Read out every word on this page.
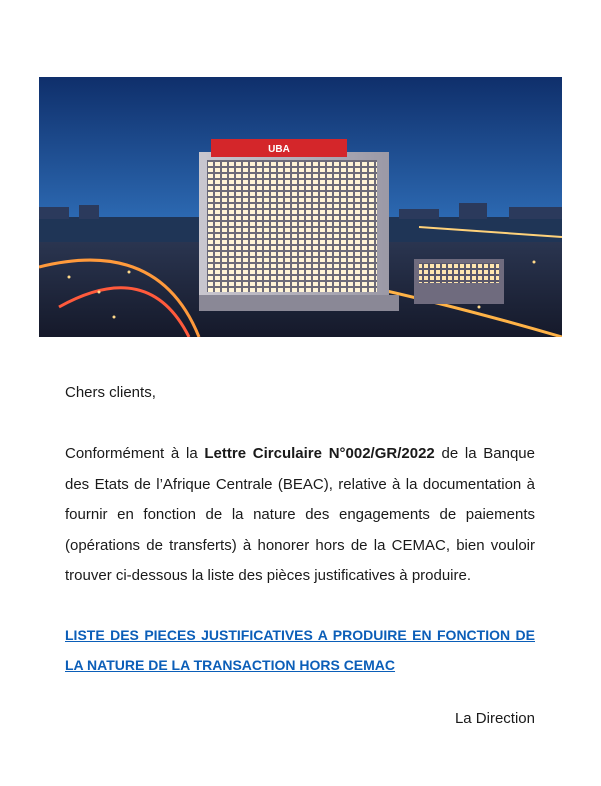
UBA
Chers clients,
Conformément à la Lettre Circulaire N°002/GR/2022 de la Banque des Etats de l’Afrique Centrale (BEAC), relative à la documentation à fournir en fonction de la nature des engagements de paiements (opérations de transferts) à honorer hors de la CEMAC, bien vouloir trouver ci-dessous la liste des pièces justificatives à produire.
LISTE DES PIECES JUSTIFICATIVES A PRODUIRE EN FONCTION DE LA NATURE DE LA TRANSACTION HORS CEMAC
La Direction
